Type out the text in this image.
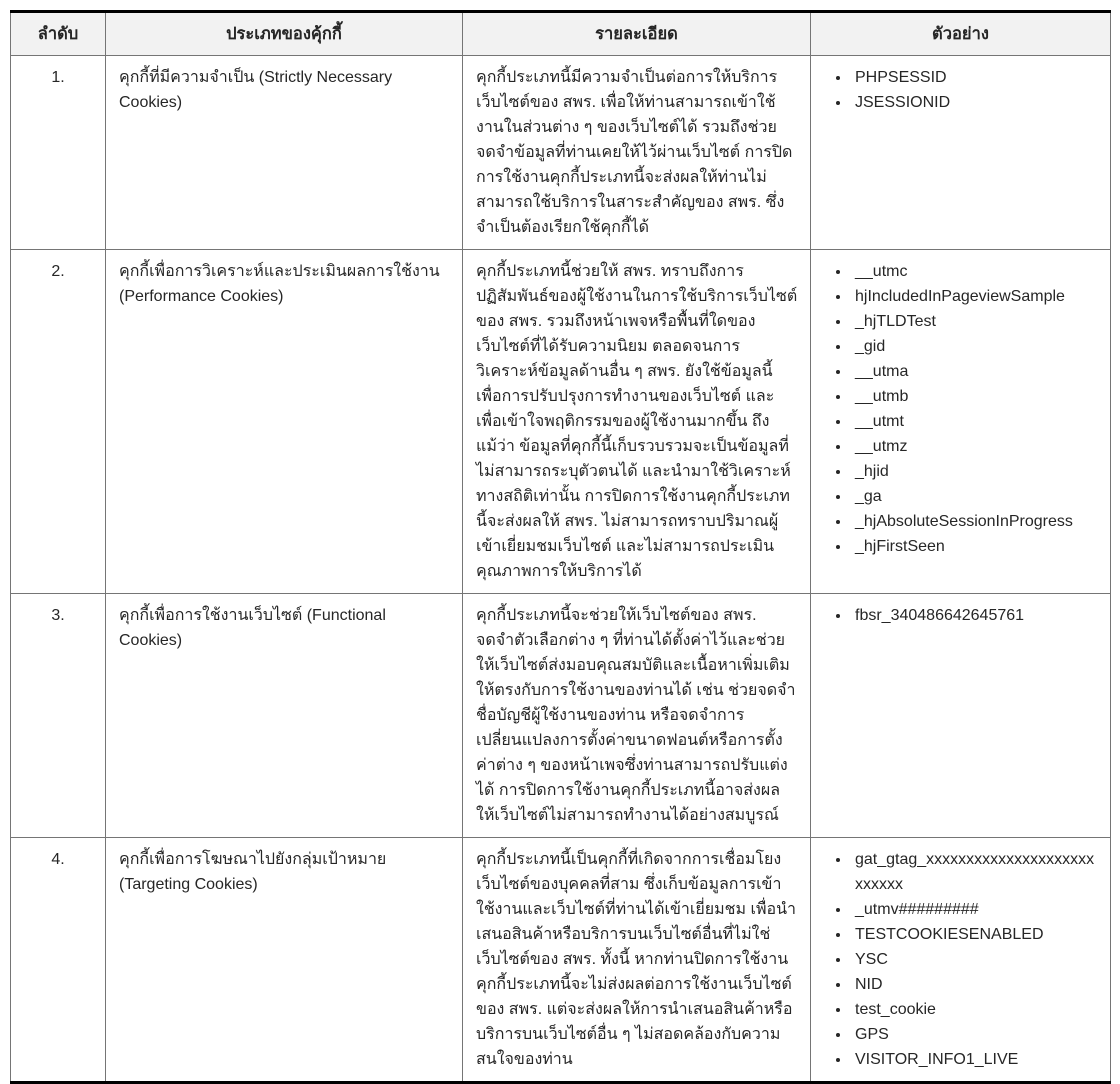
ลำดับ	ประเภทของคุ้กกี้	รายละเอียด	ตัวอย่าง
1.	คุกกี้ที่มีความจำเป็น (Strictly Necessary Cookies)	คุกกี้ประเภทนี้มีความจำเป็นต่อการให้บริการเว็บไซต์ของ สพร. เพื่อให้ท่านสามารถเข้าใช้งานในส่วนต่าง ๆ ของเว็บไซต์ได้ รวมถึงช่วยจดจำข้อมูลที่ท่านเคยให้ไว้ผ่านเว็บไซต์ การปิดการใช้งานคุกกี้ประเภทนี้จะส่งผลให้ท่านไม่สามารถใช้บริการในสาระสำคัญของ สพร. ซึ่งจำเป็นต้องเรียกใช้คุกกี้ได้	
• PHPSESSID
• JSESSIONID

2.	คุกกี้เพื่อการวิเคราะห์และประเมินผลการใช้งาน (Performance Cookies)	คุกกี้ประเภทนี้ช่วยให้ สพร. ทราบถึงการปฏิสัมพันธ์ของผู้ใช้งานในการใช้บริการเว็บไซต์ของ สพร. รวมถึงหน้าเพจหรือพื้นที่ใดของเว็บไซต์ที่ได้รับความนิยม ตลอดจนการวิเคราะห์ข้อมูลด้านอื่น ๆ สพร. ยังใช้ข้อมูลนี้เพื่อการปรับปรุงการทำงานของเว็บไซต์ และเพื่อเข้าใจพฤติกรรมของผู้ใช้งานมากขึ้น ถึงแม้ว่า ข้อมูลที่คุกกี้นี้เก็บรวบรวมจะเป็นข้อมูลที่ไม่สามารถระบุตัวตนได้ และนำมาใช้วิเคราะห์ทางสถิติเท่านั้น การปิดการใช้งานคุกกี้ประเภทนี้จะส่งผลให้ สพร. ไม่สามารถทราบปริมาณผู้เข้าเยี่ยมชมเว็บไซต์ และไม่สามารถประเมินคุณภาพการให้บริการได้	
• __utmc
• hjIncludedInPageviewSample
• _hjTLDTest
• _gid
• __utma
• __utmb
• __utmt
• __utmz
• _hjid
• _ga
• _hjAbsoluteSessionInProgress
• _hjFirstSeen

3.	คุกกี้เพื่อการใช้งานเว็บไซต์ (Functional Cookies)	คุกกี้ประเภทนี้จะช่วยให้เว็บไซต์ของ สพร. จดจำตัวเลือกต่าง ๆ ที่ท่านได้ตั้งค่าไว้และช่วยให้เว็บไซต์ส่งมอบคุณสมบัติและเนื้อหาเพิ่มเติมให้ตรงกับการใช้งานของท่านได้ เช่น ช่วยจดจำชื่อบัญชีผู้ใช้งานของท่าน หรือจดจำการเปลี่ยนแปลงการตั้งค่าขนาดฟอนต์หรือการตั้งค่าต่าง ๆ ของหน้าเพจซึ่งท่านสามารถปรับแต่งได้ การปิดการใช้งานคุกกี้ประเภทนี้อาจส่งผลให้เว็บไซต์ไม่สามารถทำงานได้อย่างสมบูรณ์	
• fbsr_340486642645761

4.	คุกกี้เพื่อการโฆษณาไปยังกลุ่มเป้าหมาย (Targeting Cookies)	คุกกี้ประเภทนี้เป็นคุกกี้ที่เกิดจากการเชื่อมโยงเว็บไซต์ของบุคคลที่สาม ซึ่งเก็บข้อมูลการเข้าใช้งานและเว็บไซต์ที่ท่านได้เข้าเยี่ยมชม เพื่อนำเสนอสินค้าหรือบริการบนเว็บไซต์อื่นที่ไม่ใช่เว็บไซต์ของ สพร. ทั้งนี้ หากท่านปิดการใช้งานคุกกี้ประเภทนี้จะไม่ส่งผลต่อการใช้งานเว็บไซต์ของ สพร. แต่จะส่งผลให้การนำเสนอสินค้าหรือบริการบนเว็บไซต์อื่น ๆ ไม่สอดคล้องกับความสนใจของท่าน	
• gat_gtag_xxxxxxxxxxxxxxxxxxxxxxxxxxx
• _utmv#########
• TESTCOOKIESENABLED
• YSC
• NID
• test_cookie
• GPS
• VISITOR_INFO1_LIVE
